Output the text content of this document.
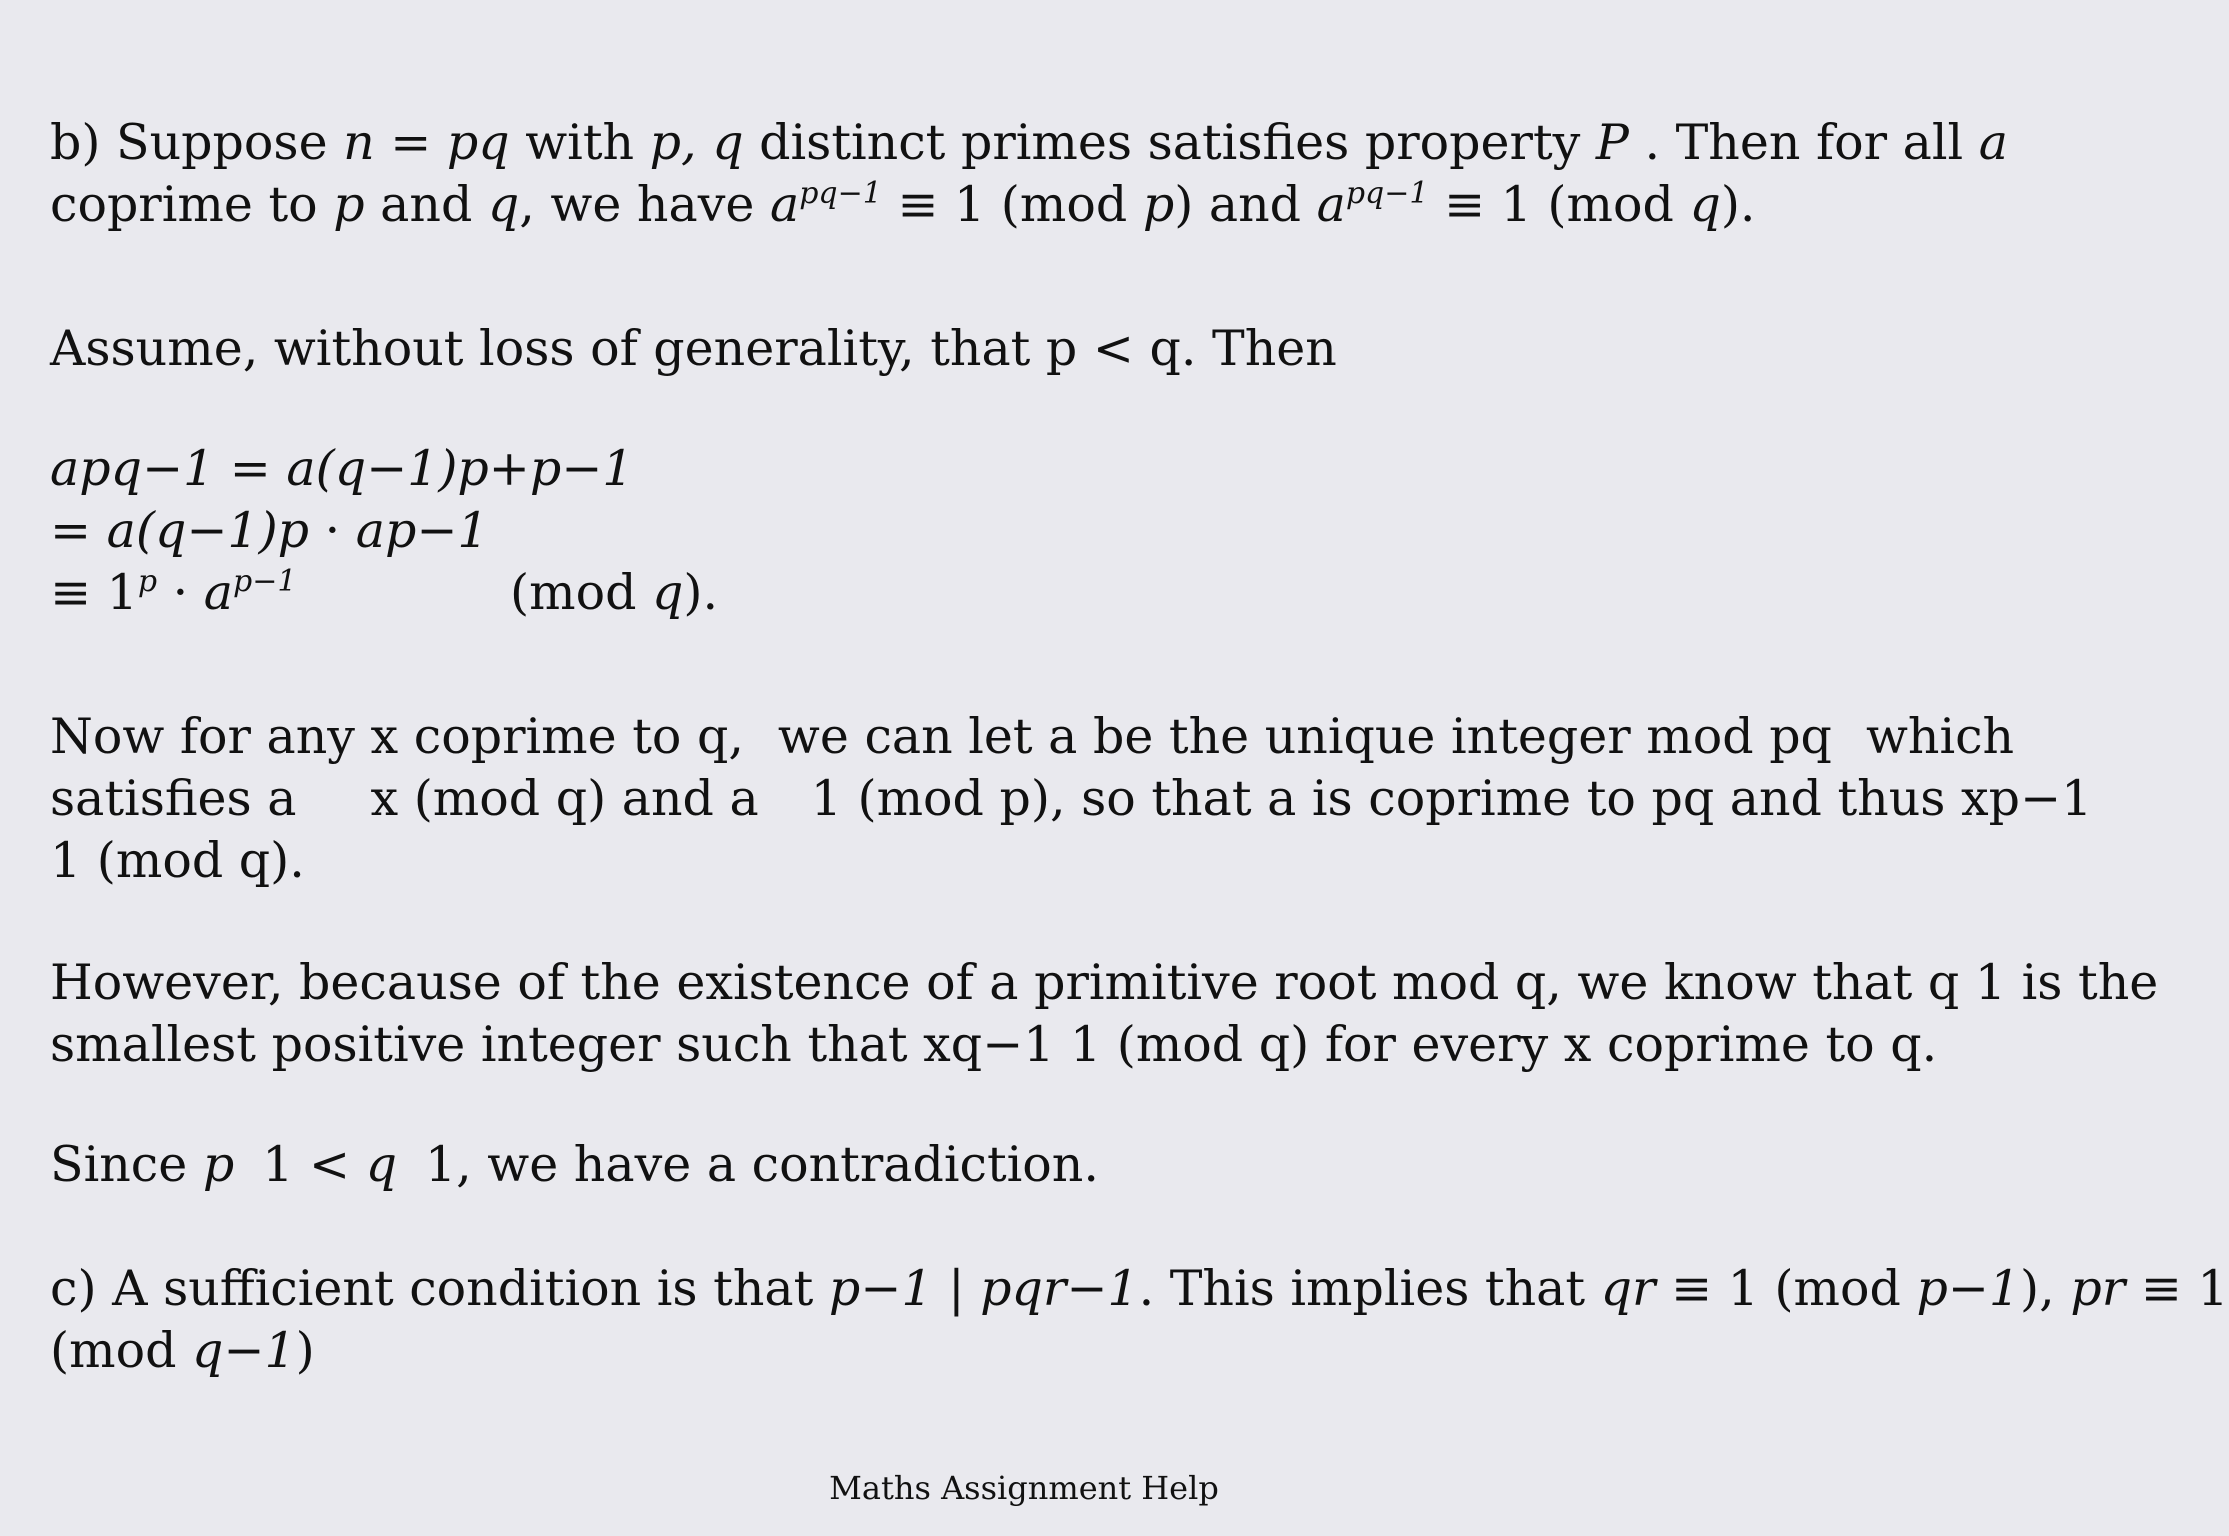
b) Suppose n = pq with p, q distinct primes satisfies property P . Then for all a
coprime to p and q, we have $a^{pq-1} \equiv 1$ (mod p) and $a^{pq-1} \equiv 1$ (mod q).
Assume, without loss of generality, that p < q. Then
apq−1 = a(q−1)p+p−1
= a(q−1)p · ap−1
≡ $1^p \cdot a^{p-1}$	(mod q).
Now for any x coprime to q, we can let a be the unique integer mod pq which
satisfies a x (mod q) and a 1 (mod p), so that a is coprime to pq and thus xp−1
1 (mod q).
However, because of the existence of a primitive root mod q, we know that q 1 is the
smallest positive integer such that xq−1 1 (mod q) for every x coprime to q.
Since p 1 < q 1, we have a contradiction.
c) A sufficient condition is that p−1 | pqr−1. This implies that qr ≡ 1 (mod p−1), pr ≡ 1
(mod q−1)
Maths Assignment Help
